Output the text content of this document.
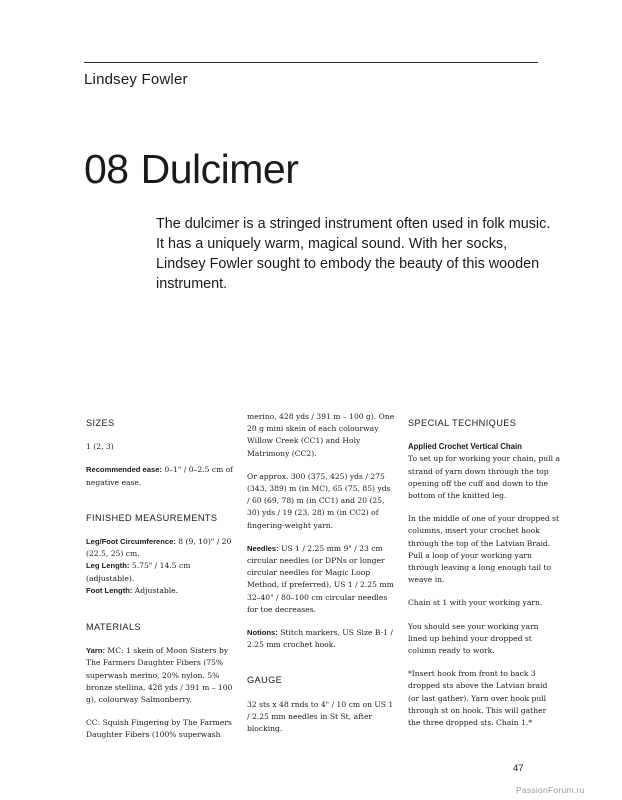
Lindsey Fowler
08 Dulcimer
The dulcimer is a stringed instrument often used in folk music. It has a uniquely warm, magical sound. With her socks, Lindsey Fowler sought to embody the beauty of this wooden instrument.
SIZES

1 (2, 3)

Recommended ease: 0–1" / 0–2.5 cm of negative ease.

FINISHED MEASUREMENTS
Leg/Foot Circumference: 8 (9, 10)" / 20 (22.5, 25) cm.
Leg Length: 5.75" / 14.5 cm (adjustable).
Foot Length: Adjustable.
MATERIALS

Yarn: MC: 1 skein of Moon Sisters by The Farmers Daughter Fibers (75% superwash merino, 20% nylon, 5% bronze stellina, 428 yds / 391 m – 100 g), colourway Salmonberry.

CC: Squish Fingering by The Farmers Daughter Fibers (100% superwash

merino, 428 yds / 391 m – 100 g). One 20 g mini skein of each colourway Willow Creek (CC1) and Holy Matrimony (CC2).

Or approx. 300 (375, 425) yds / 275 (343, 389) m (in MC), 65 (75, 85) yds / 60 (69, 78) m (in CC1) and 20 (25, 30) yds / 19 (23, 28) m (in CC2) of fingering-weight yarn.

Needles: US 1 / 2.25 mm 9" / 23 cm circular needles (or DPNs or longer circular needles for Magic Loop Method, if preferred), US 1 / 2.25 mm 32–40" / 80–100 cm circular needles for toe decreases.

Notions: Stitch markers, US Size B-1 / 2.25 mm crochet hook.

GAUGE

32 sts x 48 rnds to 4" / 10 cm on US 1 / 2.25 mm needles in St St, after blocking.

SPECIAL TECHNIQUES
Applied Crochet Vertical Chain

To set up for working your chain, pull a strand of yarn down through the top opening off the cuff and down to the bottom of the knitted leg.

In the middle of one of your dropped st columns, insert your crochet hook through the top of the Latvian Braid. Pull a loop of your working yarn through leaving a long enough tail to weave in.

Chain st 1 with your working yarn.

You should see your working yarn lined up behind your dropped st column ready to work.

*Insert hook from front to back 3 dropped sts above the Latvian braid (or last gather). Yarn over hook pull through st on hook. This will gather the three dropped sts. Chain 1.*

47
PassionForum.ru
